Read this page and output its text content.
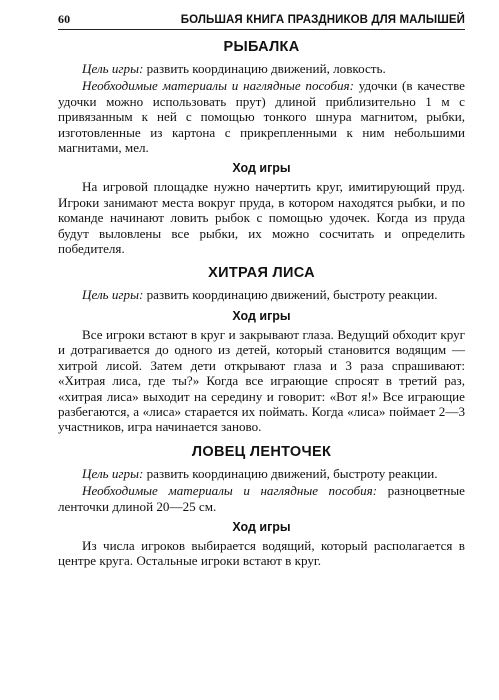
60	БОЛЬШАЯ КНИГА ПРАЗДНИКОВ ДЛЯ МАЛЫШЕЙ
РЫБАЛКА

Цель игры: развить координацию движений, ловкость.

Необходимые материалы и наглядные пособия: удочки (в качестве удочки можно использовать прут) длиной приблизительно 1 м с привязанным к ней с помощью тонкого шнура магнитом, рыбки, изготовленные из картона с прикрепленными к ним небольшими магнитами, мел.

Ход игры

На игровой площадке нужно начертить круг, имитирующий пруд. Игроки занимают места вокруг пруда, в котором находятся рыбки, и по команде начинают ловить рыбок с помощью удочек. Когда из пруда будут выловлены все рыбки, их можно сосчитать и определить победителя.

ХИТРАЯ ЛИСА

Цель игры: развить координацию движений, быстроту реакции.

Ход игры

Все игроки встают в круг и закрывают глаза. Ведущий обходит круг и дотрагивается до одного из детей, который становится водящим — хитрой лисой. Затем дети открывают глаза и 3 раза спрашивают: «Хитрая лиса, где ты?» Когда все играющие спросят в третий раз, «хитрая лиса» выходит на середину и говорит: «Вот я!» Все играющие разбегаются, а «лиса» старается их поймать. Когда «лиса» поймает 2—3 участников, игра начинается заново.

ЛОВЕЦ ЛЕНТОЧЕК

Цель игры: развить координацию движений, быстроту реакции.

Необходимые материалы и наглядные пособия: разноцветные ленточки длиной 20—25 см.

Ход игры

Из числа игроков выбирается водящий, который располагается в центре круга. Остальные игроки встают в круг.
